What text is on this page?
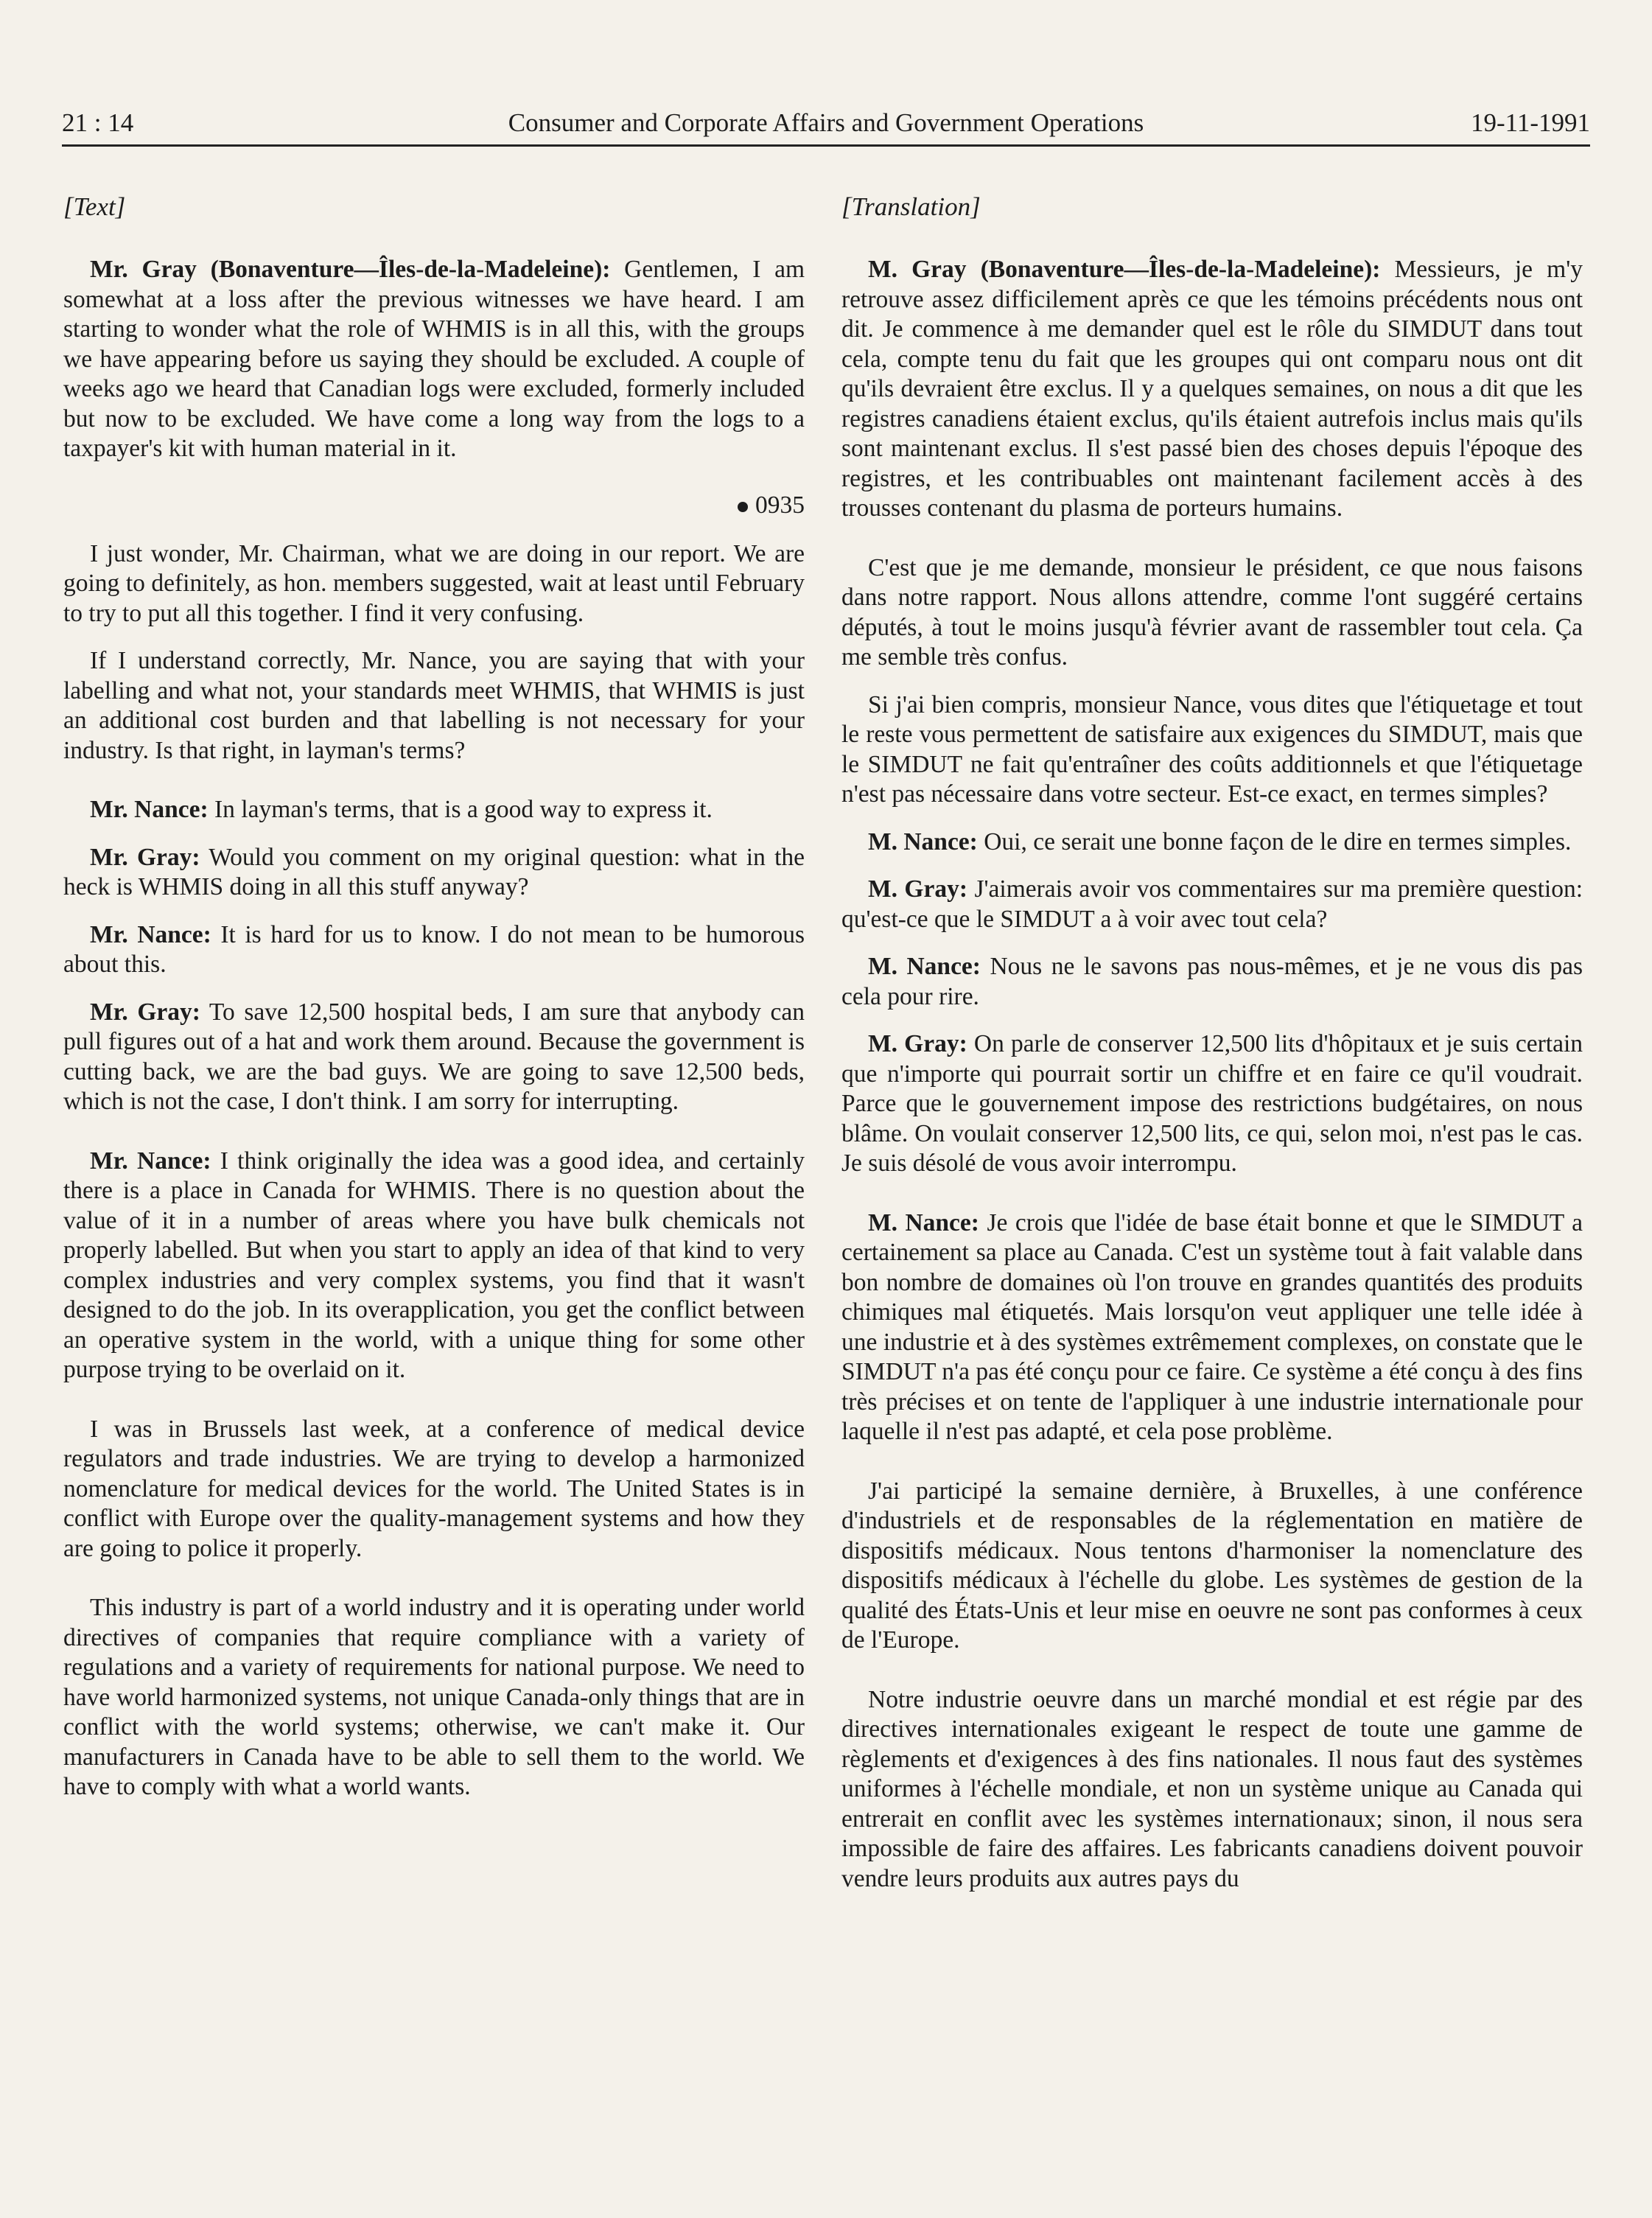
21 : 14	Consumer and Corporate Affairs and Government Operations	19-11-1991
[Text]

Mr. Gray (Bonaventure—Îles-de-la-Madeleine): Gentlemen, I am somewhat at a loss after the previous witnesses we have heard. I am starting to wonder what the role of WHMIS is in all this, with the groups we have appearing before us saying they should be excluded. A couple of weeks ago we heard that Canadian logs were excluded, formerly included but now to be excluded. We have come a long way from the logs to a taxpayer's kit with human material in it.

0935

I just wonder, Mr. Chairman, what we are doing in our report. We are going to definitely, as hon. members suggested, wait at least until February to try to put all this together. I find it very confusing.

If I understand correctly, Mr. Nance, you are saying that with your labelling and what not, your standards meet WHMIS, that WHMIS is just an additional cost burden and that labelling is not necessary for your industry. Is that right, in layman's terms?

Mr. Nance: In layman's terms, that is a good way to express it.

Mr. Gray: Would you comment on my original question: what in the heck is WHMIS doing in all this stuff anyway?

Mr. Nance: It is hard for us to know. I do not mean to be humorous about this.

Mr. Gray: To save 12,500 hospital beds, I am sure that anybody can pull figures out of a hat and work them around. Because the government is cutting back, we are the bad guys. We are going to save 12,500 beds, which is not the case, I don't think. I am sorry for interrupting.

Mr. Nance: I think originally the idea was a good idea, and certainly there is a place in Canada for WHMIS. There is no question about the value of it in a number of areas where you have bulk chemicals not properly labelled. But when you start to apply an idea of that kind to very complex industries and very complex systems, you find that it wasn't designed to do the job. In its overapplication, you get the conflict between an operative system in the world, with a unique thing for some other purpose trying to be overlaid on it.

I was in Brussels last week, at a conference of medical device regulators and trade industries. We are trying to develop a harmonized nomenclature for medical devices for the world. The United States is in conflict with Europe over the quality-management systems and how they are going to police it properly.

This industry is part of a world industry and it is operating under world directives of companies that require compliance with a variety of regulations and a variety of requirements for national purpose. We need to have world harmonized systems, not unique Canada-only things that are in conflict with the world systems; otherwise, we can't make it. Our manufacturers in Canada have to be able to sell them to the world. We have to comply with what a world wants.

[Translation]

M. Gray (Bonaventure—Îles-de-la-Madeleine): Messieurs, je m'y retrouve assez difficilement après ce que les témoins précédents nous ont dit. Je commence à me demander quel est le rôle du SIMDUT dans tout cela, compte tenu du fait que les groupes qui ont comparu nous ont dit qu'ils devraient être exclus. Il y a quelques semaines, on nous a dit que les registres canadiens étaient exclus, qu'ils étaient autrefois inclus mais qu'ils sont maintenant exclus. Il s'est passé bien des choses depuis l'époque des registres, et les contribuables ont maintenant facilement accès à des trousses contenant du plasma de porteurs humains.

C'est que je me demande, monsieur le président, ce que nous faisons dans notre rapport. Nous allons attendre, comme l'ont suggéré certains députés, à tout le moins jusqu'à février avant de rassembler tout cela. Ça me semble très confus.

Si j'ai bien compris, monsieur Nance, vous dites que l'étiquetage et tout le reste vous permettent de satisfaire aux exigences du SIMDUT, mais que le SIMDUT ne fait qu'entraîner des coûts additionnels et que l'étiquetage n'est pas nécessaire dans votre secteur. Est-ce exact, en termes simples?

M. Nance: Oui, ce serait une bonne façon de le dire en termes simples.

M. Gray: J'aimerais avoir vos commentaires sur ma première question: qu'est-ce que le SIMDUT a à voir avec tout cela?

M. Nance: Nous ne le savons pas nous-mêmes, et je ne vous dis pas cela pour rire.

M. Gray: On parle de conserver 12,500 lits d'hôpitaux et je suis certain que n'importe qui pourrait sortir un chiffre et en faire ce qu'il voudrait. Parce que le gouvernement impose des restrictions budgétaires, on nous blâme. On voulait conserver 12,500 lits, ce qui, selon moi, n'est pas le cas. Je suis désolé de vous avoir interrompu.

M. Nance: Je crois que l'idée de base était bonne et que le SIMDUT a certainement sa place au Canada. C'est un système tout à fait valable dans bon nombre de domaines où l'on trouve en grandes quantités des produits chimiques mal étiquetés. Mais lorsqu'on veut appliquer une telle idée à une industrie et à des systèmes extrêmement complexes, on constate que le SIMDUT n'a pas été conçu pour ce faire. Ce système a été conçu à des fins très précises et on tente de l'appliquer à une industrie internationale pour laquelle il n'est pas adapté, et cela pose problème.

J'ai participé la semaine dernière, à Bruxelles, à une conférence d'industriels et de responsables de la réglementation en matière de dispositifs médicaux. Nous tentons d'harmoniser la nomenclature des dispositifs médicaux à l'échelle du globe. Les systèmes de gestion de la qualité des États-Unis et leur mise en oeuvre ne sont pas conformes à ceux de l'Europe.

Notre industrie oeuvre dans un marché mondial et est régie par des directives internationales exigeant le respect de toute une gamme de règlements et d'exigences à des fins nationales. Il nous faut des systèmes uniformes à l'échelle mondiale, et non un système unique au Canada qui entrerait en conflit avec les systèmes internationaux; sinon, il nous sera impossible de faire des affaires. Les fabricants canadiens doivent pouvoir vendre leurs produits aux autres pays du
